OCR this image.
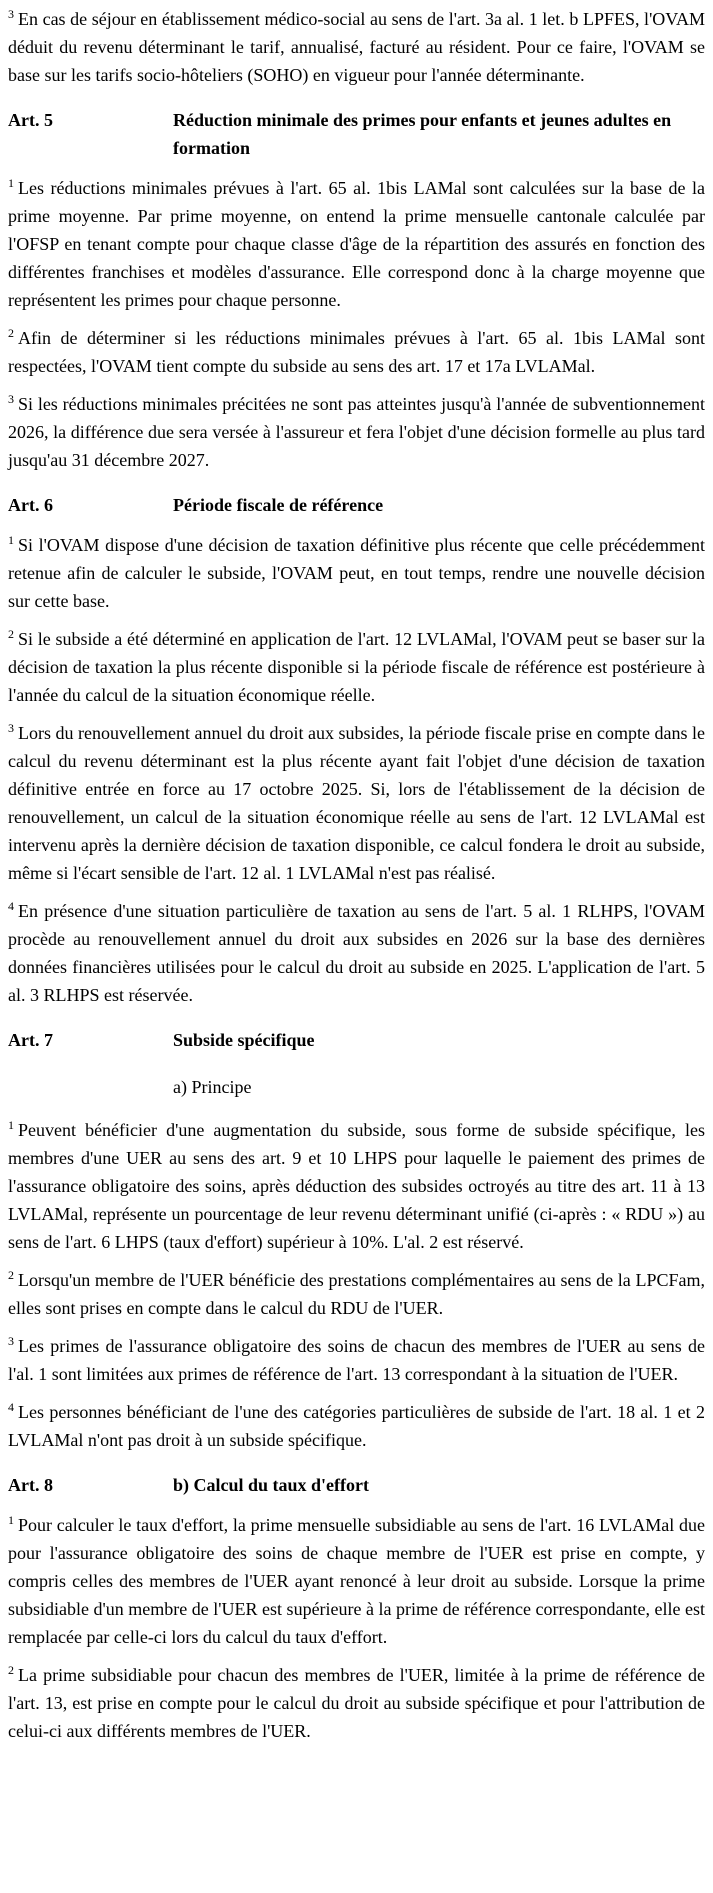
$^3$ En cas de séjour en établissement médico-social au sens de l'art. 3a al. 1 let. b LPFES, l'OVAM déduit du revenu déterminant le tarif, annualisé, facturé au résident. Pour ce faire, l'OVAM se base sur les tarifs socio-hôteliers (SOHO) en vigueur pour l'année déterminante.

Art. 5	Réduction minimale des primes pour enfants et jeunes adultes en formation

$^1$ Les réductions minimales prévues à l'art. 65 al. 1bis LAMal sont calculées sur la base de la prime moyenne. Par prime moyenne, on entend la prime mensuelle cantonale calculée par l'OFSP en tenant compte pour chaque classe d'âge de la répartition des assurés en fonction des différentes franchises et modèles d'assurance. Elle correspond donc à la charge moyenne que représentent les primes pour chaque personne.

$^2$ Afin de déterminer si les réductions minimales prévues à l'art. 65 al. 1bis LAMal sont respectées, l'OVAM tient compte du subside au sens des art. 17 et 17a LVLAMal.

$^3$ Si les réductions minimales précitées ne sont pas atteintes jusqu'à l'année de subventionnement 2026, la différence due sera versée à l'assureur et fera l'objet d'une décision formelle au plus tard jusqu'au 31 décembre 2027.

Art. 6	Période fiscale de référence

$^1$ Si l'OVAM dispose d'une décision de taxation définitive plus récente que celle précédemment retenue afin de calculer le subside, l'OVAM peut, en tout temps, rendre une nouvelle décision sur cette base.

$^2$ Si le subside a été déterminé en application de l'art. 12 LVLAMal, l'OVAM peut se baser sur la décision de taxation la plus récente disponible si la période fiscale de référence est postérieure à l'année du calcul de la situation économique réelle.

$^3$ Lors du renouvellement annuel du droit aux subsides, la période fiscale prise en compte dans le calcul du revenu déterminant est la plus récente ayant fait l'objet d'une décision de taxation définitive entrée en force au 17 octobre 2025. Si, lors de l'établissement de la décision de renouvellement, un calcul de la situation économique réelle au sens de l'art. 12 LVLAMal est intervenu après la dernière décision de taxation disponible, ce calcul fondera le droit au subside, même si l'écart sensible de l'art. 12 al. 1 LVLAMal n'est pas réalisé.

$^4$ En présence d'une situation particulière de taxation au sens de l'art. 5 al. 1 RLHPS, l'OVAM procède au renouvellement annuel du droit aux subsides en 2026 sur la base des dernières données financières utilisées pour le calcul du droit au subside en 2025. L'application de l'art. 5 al. 3 RLHPS est réservée.

Art. 7	Subside spécifique
a) Principe

$^1$ Peuvent bénéficier d'une augmentation du subside, sous forme de subside spécifique, les membres d'une UER au sens des art. 9 et 10 LHPS pour laquelle le paiement des primes de l'assurance obligatoire des soins, après déduction des subsides octroyés au titre des art. 11 à 13 LVLAMal, représente un pourcentage de leur revenu déterminant unifié (ci-après : « RDU ») au sens de l'art. 6 LHPS (taux d'effort) supérieur à 10%. L'al. 2 est réservé.

$^2$ Lorsqu'un membre de l'UER bénéficie des prestations complémentaires au sens de la LPCFam, elles sont prises en compte dans le calcul du RDU de l'UER.

$^3$ Les primes de l'assurance obligatoire des soins de chacun des membres de l'UER au sens de l'al. 1 sont limitées aux primes de référence de l'art. 13 correspondant à la situation de l'UER.

$^4$ Les personnes bénéficiant de l'une des catégories particulières de subside de l'art. 18 al. 1 et 2 LVLAMal n'ont pas droit à un subside spécifique.

Art. 8	b) Calcul du taux d'effort

$^1$ Pour calculer le taux d'effort, la prime mensuelle subsidiable au sens de l'art. 16 LVLAMal due pour l'assurance obligatoire des soins de chaque membre de l'UER est prise en compte, y compris celles des membres de l'UER ayant renoncé à leur droit au subside. Lorsque la prime subsidiable d'un membre de l'UER est supérieure à la prime de référence correspondante, elle est remplacée par celle-ci lors du calcul du taux d'effort.

$^2$ La prime subsidiable pour chacun des membres de l'UER, limitée à la prime de référence de l'art. 13, est prise en compte pour le calcul du droit au subside spécifique et pour l'attribution de celui-ci aux différents membres de l'UER.
